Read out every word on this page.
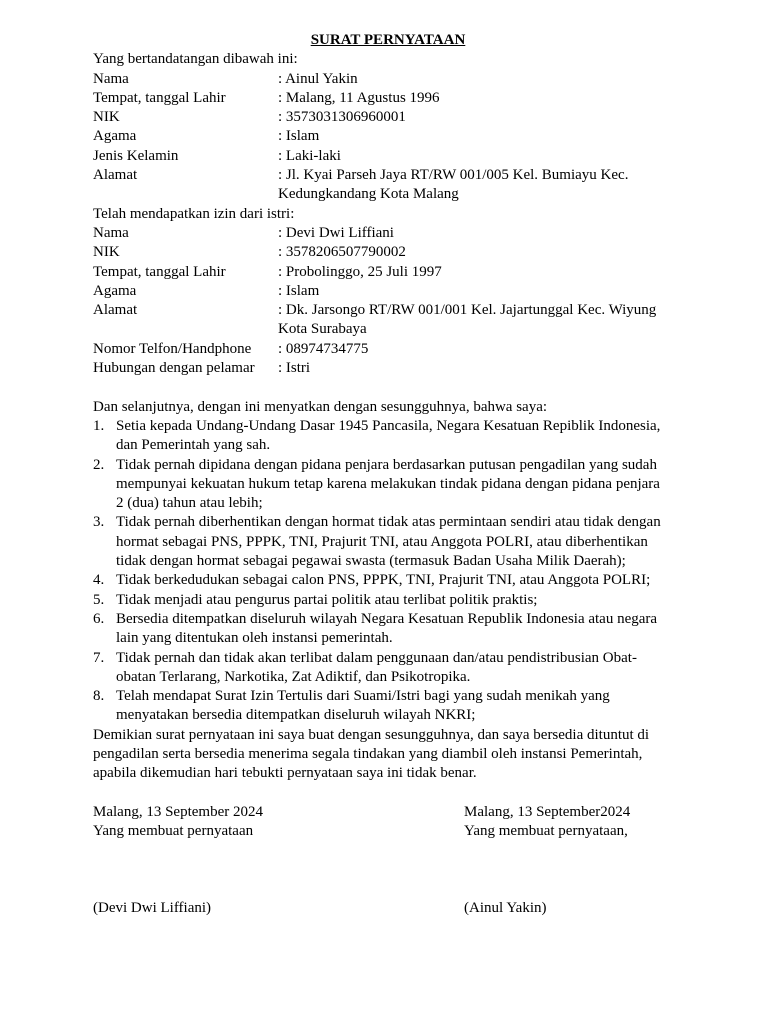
SURAT PERNYATAAN

Yang bertandatangan dibawah ini:

Nama	: Ainul Yakin
Tempat, tanggal Lahir	: Malang, 11 Agustus 1996
NIK	: 3573031306960001
Agama	: Islam
Jenis Kelamin	: Laki-laki
Alamat	: Jl. Kyai Parseh Jaya RT/RW 001/005 Kel. Bumiayu Kec.
Kedungkandang Kota Malang

Telah mendapatkan izin dari istri:

Nama	: Devi Dwi Liffiani
NIK	: 3578206507790002
Tempat, tanggal Lahir	: Probolinggo, 25 Juli 1997
Agama	: Islam
Alamat	: Dk. Jarsongo RT/RW 001/001 Kel. Jajartunggal Kec. Wiyung
Kota Surabaya
Nomor Telfon/Handphone	: 08974734775
Hubungan dengan pelamar	: Istri

Dan selanjutnya, dengan ini menyatkan dengan sesungguhnya, bahwa saya:

1. Setia kepada Undang-Undang Dasar 1945 Pancasila, Negara Kesatuan Repiblik Indonesia,
dan Pemerintah yang sah.
2. Tidak pernah dipidana dengan pidana penjara berdasarkan putusan pengadilan yang sudah
mempunyai kekuatan hukum tetap karena melakukan tindak pidana dengan pidana penjara
2 (dua) tahun atau lebih;
3. Tidak pernah diberhentikan dengan hormat tidak atas permintaan sendiri atau tidak dengan
hormat sebagai PNS, PPPK, TNI, Prajurit TNI, atau Anggota POLRI, atau diberhentikan
tidak dengan hormat sebagai pegawai swasta (termasuk Badan Usaha Milik Daerah);
4. Tidak berkedudukan sebagai calon PNS, PPPK, TNI, Prajurit TNI, atau Anggota POLRI;
5. Tidak menjadi atau pengurus partai politik atau terlibat politik praktis;
6. Bersedia ditempatkan diseluruh wilayah Negara Kesatuan Republik Indonesia atau negara
lain yang ditentukan oleh instansi pemerintah.
7. Tidak pernah dan tidak akan terlibat dalam penggunaan dan/atau pendistribusian Obat-
obatan Terlarang, Narkotika, Zat Adiktif, dan Psikotropika.
8. Telah mendapat Surat Izin Tertulis dari Suami/Istri bagi yang sudah menikah yang
menyatakan bersedia ditempatkan diseluruh wilayah NKRI;

Demikian surat pernyataan ini saya buat dengan sesungguhnya, dan saya bersedia dituntut di
pengadilan serta bersedia menerima segala tindakan yang diambil oleh instansi Pemerintah,
apabila dikemudian hari tebukti pernyataan saya ini tidak benar.

Malang, 13 September 2024
Yang membuat pernyataan
(Devi Dwi Liffiani)
Malang, 13 September2024
Yang membuat pernyataan,
(Ainul Yakin)
